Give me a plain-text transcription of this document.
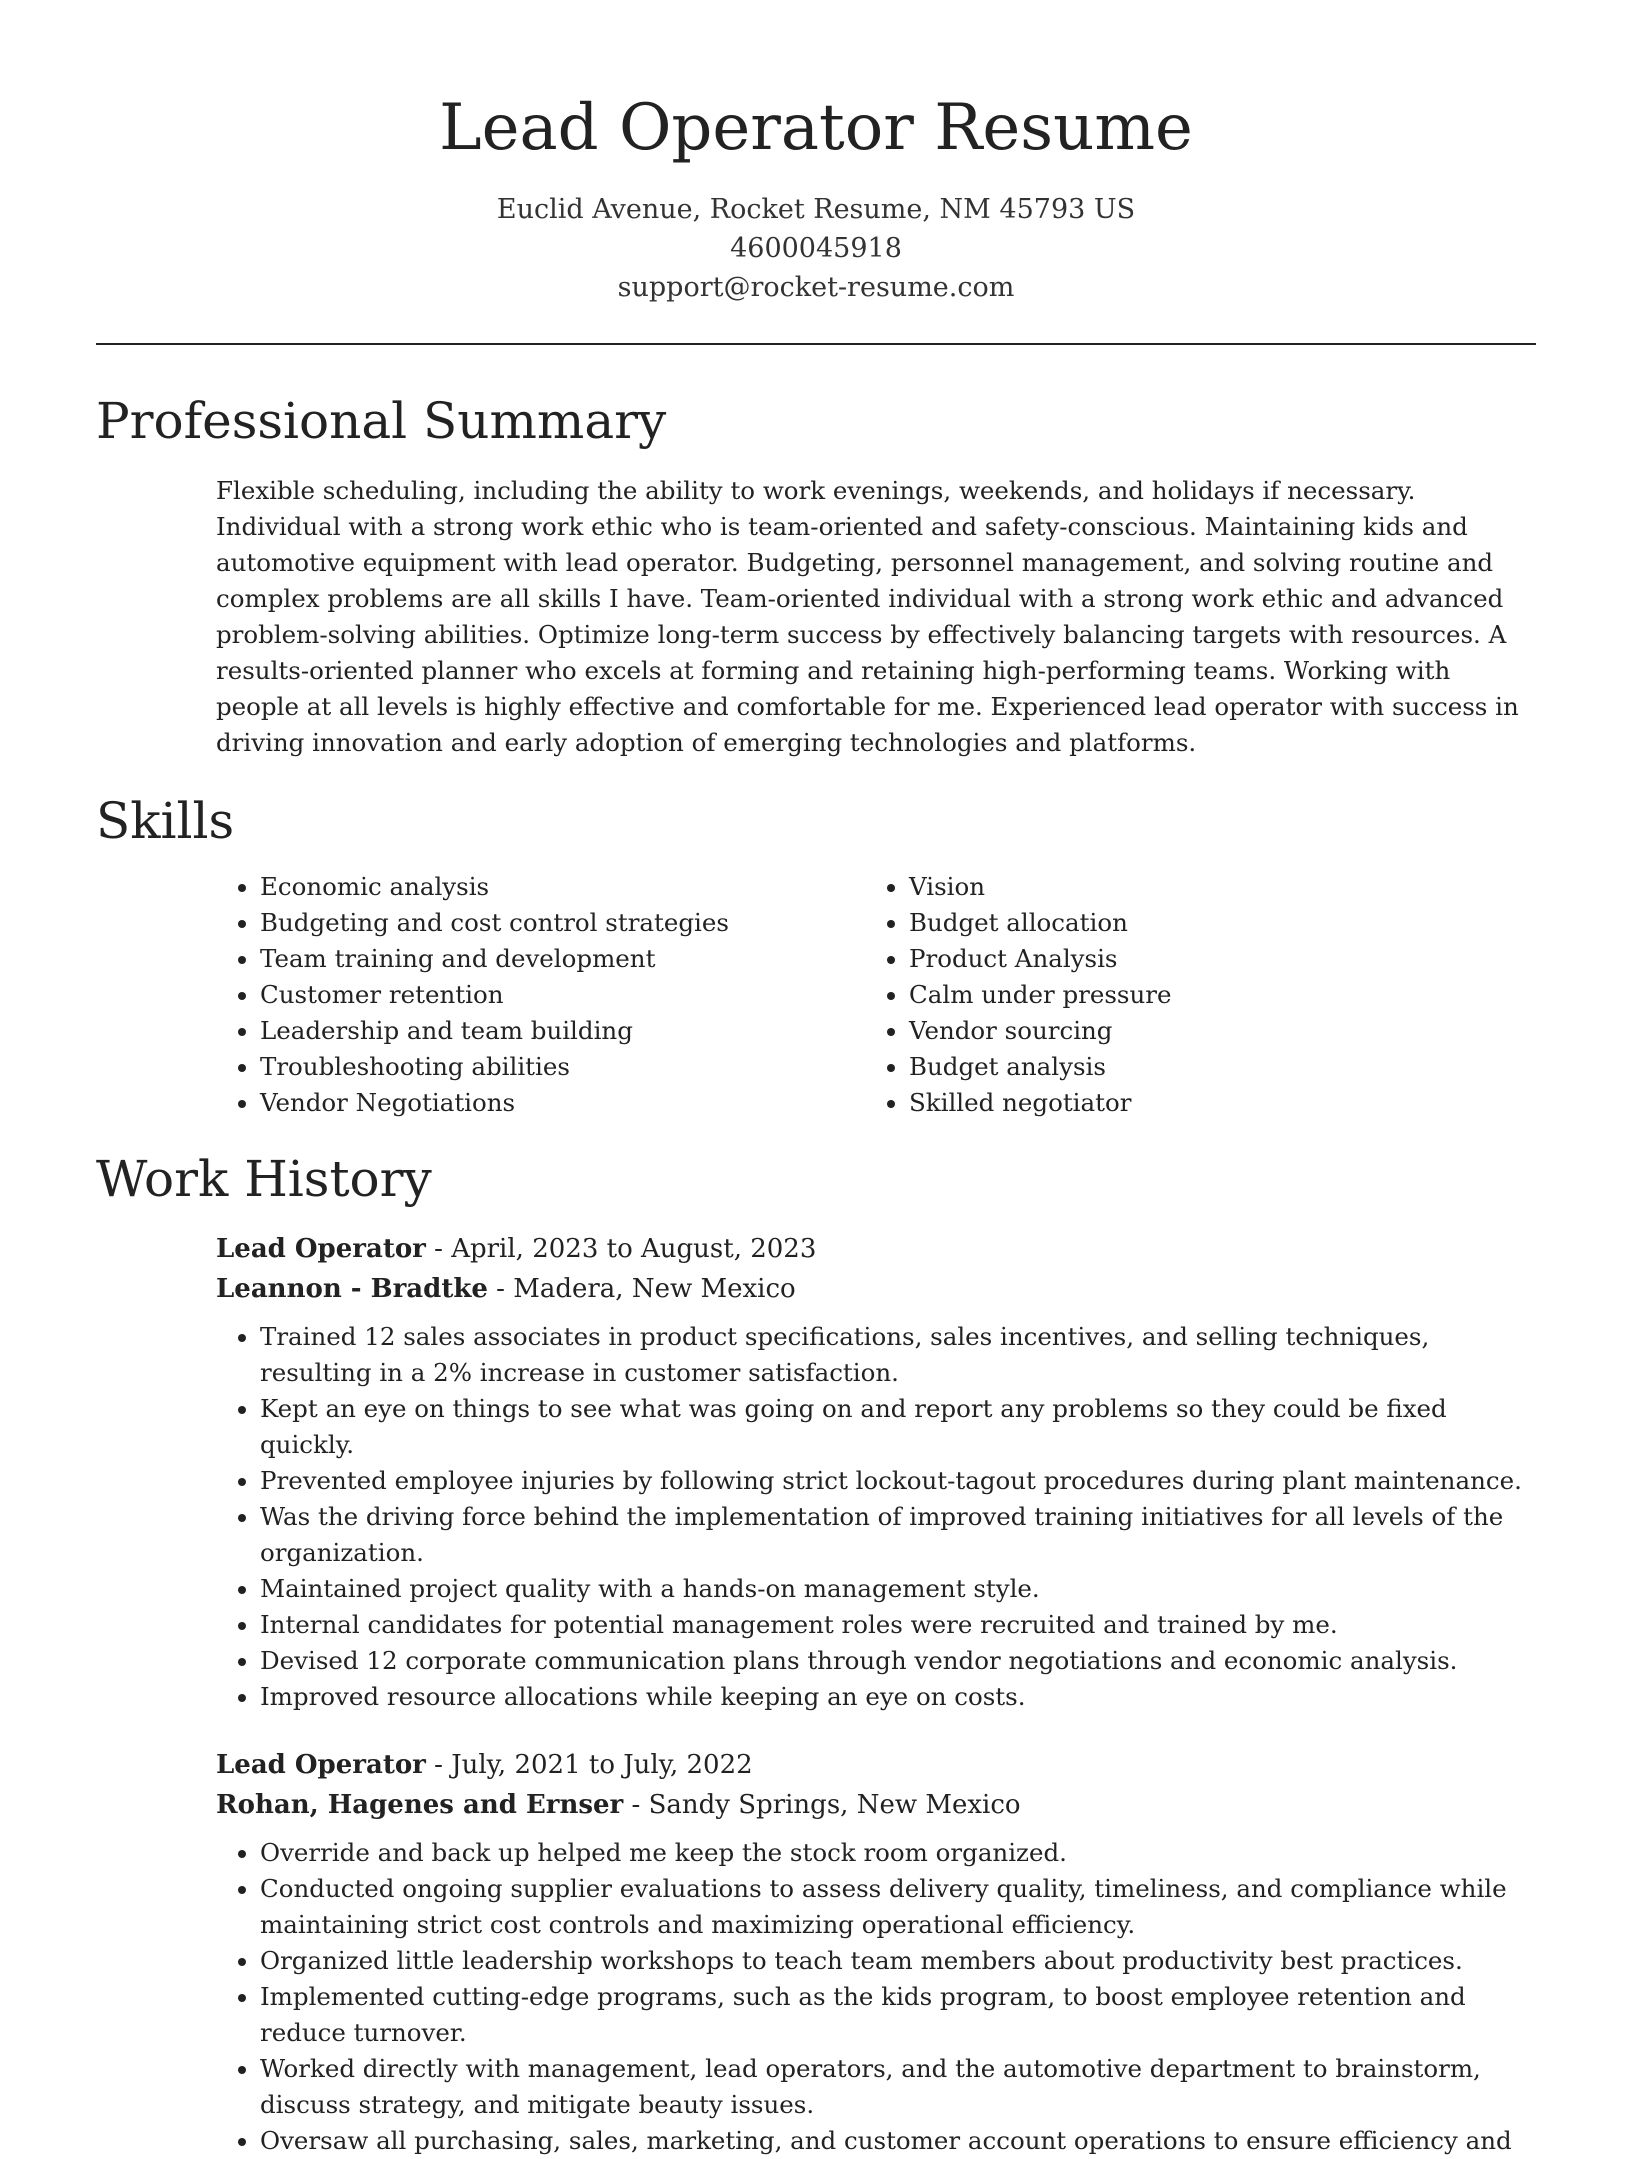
Lead Operator Resume
Euclid Avenue, Rocket Resume, NM 45793 US
4600045918
support@rocket-resume.com
Professional Summary

Flexible scheduling, including the ability to work evenings, weekends, and holidays if necessary. Individual with a strong work ethic who is team-oriented and safety-conscious. Maintaining kids and automotive equipment with lead operator. Budgeting, personnel management, and solving routine and complex problems are all skills I have. Team-oriented individual with a strong work ethic and advanced problem-solving abilities. Optimize long-term success by effectively balancing targets with resources. A results-oriented planner who excels at forming and retaining high-performing teams. Working with people at all levels is highly effective and comfortable for me. Experienced lead operator with success in driving innovation and early adoption of emerging technologies and platforms.

Skills
• Economic analysis
• Budgeting and cost control strategies
• Team training and development
• Customer retention
• Leadership and team building
• Troubleshooting abilities
• Vendor Negotiations
• Vision
• Budget allocation
• Product Analysis
• Calm under pressure
• Vendor sourcing
• Budget analysis
• Skilled negotiator
Work History
Lead Operator - April, 2023 to August, 2023
Leannon - Bradtke - Madera, New Mexico
• Trained 12 sales associates in product specifications, sales incentives, and selling techniques, resulting in a 2% increase in customer satisfaction.
• Kept an eye on things to see what was going on and report any problems so they could be fixed quickly.
• Prevented employee injuries by following strict lockout-tagout procedures during plant maintenance.
• Was the driving force behind the implementation of improved training initiatives for all levels of the organization.
• Maintained project quality with a hands-on management style.
• Internal candidates for potential management roles were recruited and trained by me.
• Devised 12 corporate communication plans through vendor negotiations and economic analysis.
• Improved resource allocations while keeping an eye on costs.
Lead Operator - July, 2021 to July, 2022
Rohan, Hagenes and Ernser - Sandy Springs, New Mexico
• Override and back up helped me keep the stock room organized.
• Conducted ongoing supplier evaluations to assess delivery quality, timeliness, and compliance while maintaining strict cost controls and maximizing operational efficiency.
• Organized little leadership workshops to teach team members about productivity best practices.
• Implemented cutting-edge programs, such as the kids program, to boost employee retention and reduce turnover.
• Worked directly with management, lead operators, and the automotive department to brainstorm, discuss strategy, and mitigate beauty issues.
• Oversaw all purchasing, sales, marketing, and customer account operations to ensure efficiency and
